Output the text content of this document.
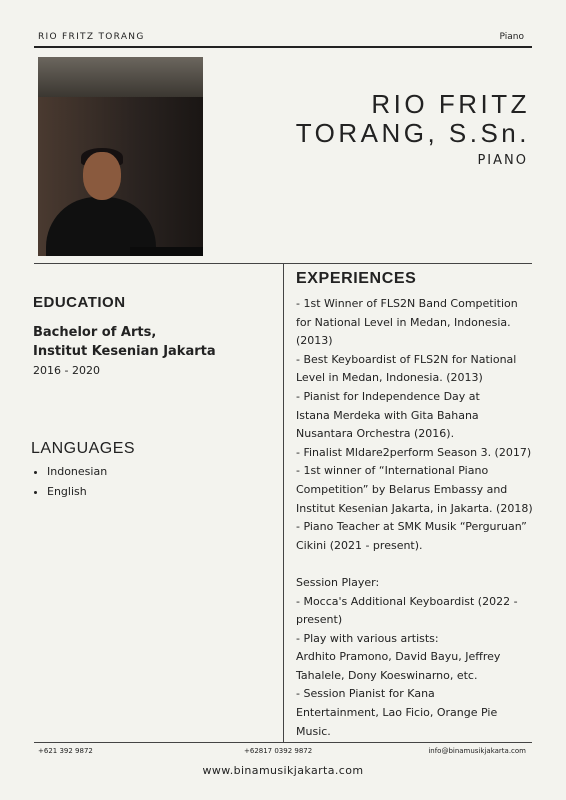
RIO FRITZ TORANG	Piano
RIO FRITZ
TORANG, S.Sn.
PIANO
EDUCATION
Bachelor of Arts,
Institut Kesenian Jakarta
2016 - 2020
LANGUAGES
• Indonesian
• English
EXPERIENCES
- 1st Winner of FLS2N Band Competition
for National Level in Medan, Indonesia.
(2013)
- Best Keyboardist of FLS2N for National
Level in Medan, Indonesia. (2013)
- Pianist for Independence Day at
Istana Merdeka with Gita Bahana
Nusantara Orchestra (2016).
- Finalist Mldare2perform Season 3. (2017)
- 1st winner of “International Piano
Competition” by Belarus Embassy and
Institut Kesenian Jakarta, in Jakarta. (2018)
- Piano Teacher at SMK Musik “Perguruan”
Cikini (2021 - present).
Session Player:
- Mocca's Additional Keyboardist (2022 -
present)
- Play with various artists:
Ardhito Pramono, David Bayu, Jeffrey
Tahalele, Dony Koeswinarno, etc.
- Session Pianist for Kana
Entertainment, Lao Ficio, Orange Pie
Music.
+621 392 9872	+62817 0392 9872	info@binamusikjakarta.com
www.binamusikjakarta.com
